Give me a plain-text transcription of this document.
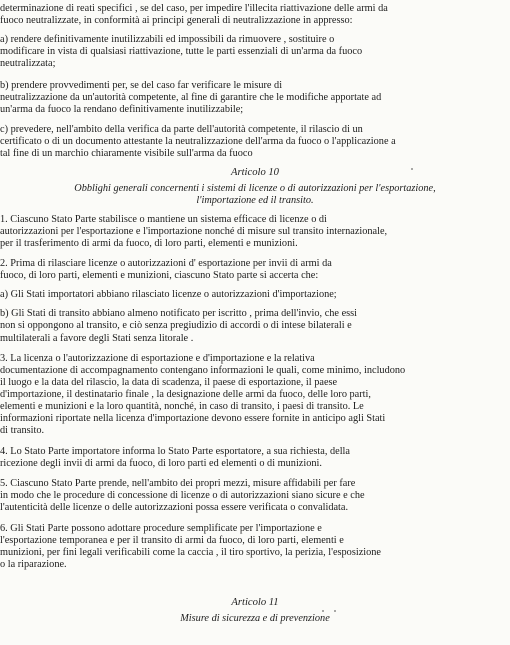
determinazione di reati specifici , se del caso, per impedire l'illecita riattivazione delle armi da

fuoco neutralizzate, in conformità ai principi generali di neutralizzazione in appresso:

a) rendere definitivamente inutilizzabili ed impossibili da rimuovere , sostituire o

modificare in vista di qualsiasi riattivazione, tutte le parti essenziali di un'arma da fuoco

neutralizzata;

b) prendere provvedimenti per, se del caso far verificare le misure di

neutralizzazione da un'autorità competente, al fine di garantire che le modifiche apportate ad

un'arma da fuoco la rendano definitivamente inutilizzabile;

c) prevedere, nell'ambito della verifica da parte dell'autorità competente, il rilascio di un

certificato o di un documento attestante la neutralizzazione dell'arma da fuoco o l'applicazione a

tal fine di un marchio chiaramente visibile sull'arma da fuoco

Articolo 10

Obblighi generali concernenti i sistemi di licenze o di autorizzazioni per l'esportazione,

l'importazione ed il transito.

1. Ciascuno Stato Parte stabilisce o mantiene un sistema efficace di licenze o di

autorizzazioni per l'esportazione e l'importazione nonché di misure sul transito internazionale,

per il trasferimento di armi da fuoco, di loro parti, elementi e munizioni.

2. Prima di rilasciare licenze o autorizzazioni d' esportazione per invii di armi da

fuoco, di loro parti, elementi e munizioni, ciascuno Stato parte si accerta che:

a) Gli Stati importatori abbiano rilasciato licenze o autorizzazioni d'importazione;

b) Gli Stati di transito abbiano almeno notificato per iscritto , prima dell'invio, che essi

non si oppongono al transito, e ciò senza pregiudizio di accordi o di intese bilaterali e

multilaterali a favore degli Stati senza litorale .

3. La licenza o l'autorizzazione di esportazione e d'importazione e la relativa

documentazione di accompagnamento contengano informazioni le quali, come minimo, includono

il luogo e la data del rilascio, la data di scadenza, il paese di esportazione, il paese

d'importazione, il destinatario finale , la designazione delle armi da fuoco, delle loro parti,

elementi e munizioni e la loro quantità, nonché, in caso di transito, i paesi di transito. Le

informazioni riportate nella licenza d'importazione devono essere fornite in anticipo agli Stati

di transito.

4. Lo Stato Parte importatore informa lo Stato Parte esportatore, a sua richiesta, della

ricezione degli invii di armi da fuoco, di loro parti ed elementi o di munizioni.

5. Ciascuno Stato Parte prende, nell'ambito dei propri mezzi, misure affidabili per fare

in modo che le procedure di concessione di licenze o di autorizzazioni siano sicure e che

l'autenticità delle licenze o delle autorizzazioni possa essere verificata o convalidata.

6. Gli Stati Parte possono adottare procedure semplificate per l'importazione e

l'esportazione temporanea e per il transito di armi da fuoco, di loro parti, elementi e

munizioni, per fini legali verificabili come la caccia , il tiro sportivo, la perizia, l'esposizione

o la riparazione.

Articolo 11

Misure di sicurezza e di prevenzione
